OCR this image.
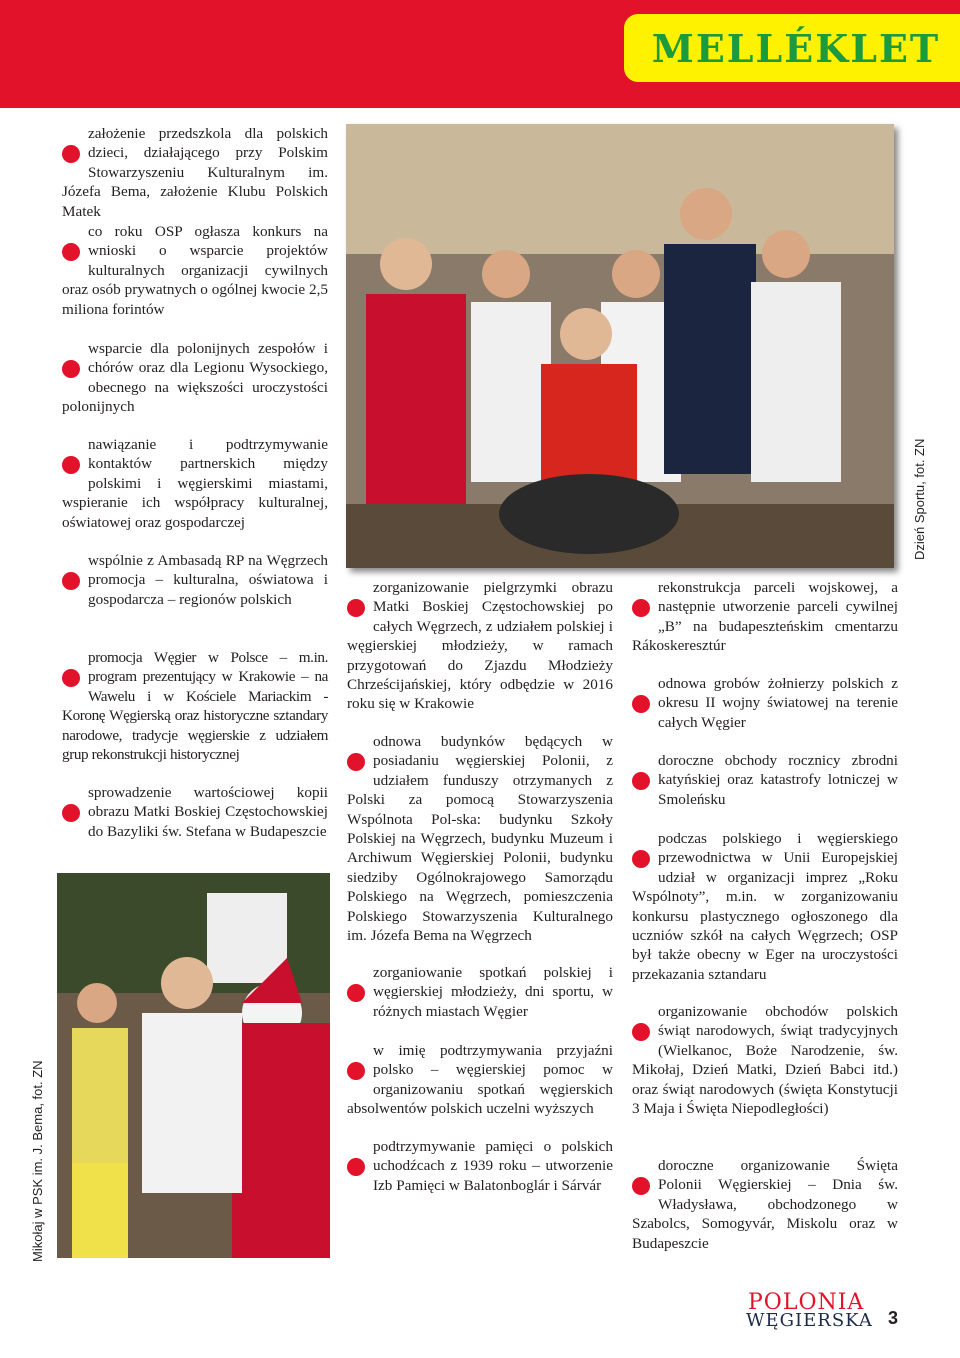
MELLÉKLET
założenie przedszkola dla polskich dzieci, działającego przy Polskim Stowarzyszeniu Kulturalnym im. Józefa Bema, założenie Klubu Polskich Matek
co roku OSP ogłasza konkurs na wnioski o wsparcie projektów kulturalnych organizacji cywilnych oraz osób prywatnych o ogólnej kwocie 2,5 miliona forintów
wsparcie dla polonijnych zespołów i chórów oraz dla Legionu Wysockiego, obecnego na większości uroczystości polonijnych
nawiązanie i podtrzymywanie kontaktów partnerskich między polskimi i węgierskimi miastami, wspieranie ich współpracy kulturalnej, oświatowej oraz gospodarczej
wspólnie z Ambasadą RP na Węgrzech promocja – kulturalna, oświatowa i gospodarcza – regionów polskich
promocja Węgier w Polsce – m.in. program prezentujący w Krakowie – na Wawelu i w Kościele Mariackim - Koronę Węgierską oraz historyczne sztandary narodowe, tradycje węgierskie z udziałem grup rekonstrukcji historycznej
sprowadzenie wartościowej kopii obrazu Matki Boskiej Częstochowskiej do Bazyliki św. Stefana w Budapeszcie
Dzień Sportu, fot. ZN
Mikołaj w PSK im. J. Bema, fot. ZN
zorganizowanie pielgrzymki obrazu Matki Boskiej Częstochowskiej po całych Węgrzech, z udziałem polskiej i węgierskiej młodzieży, w ramach przygotowań do Zjazdu Młodzieży Chrześcijańskiej, który odbędzie w 2016 roku się w Krakowie
odnowa budynków będących w posiadaniu węgierskiej Polonii, z udziałem funduszy otrzymanych z Polski za pomocą Stowarzyszenia Wspólnota Pol-ska: budynku Szkoły Polskiej na Węgrzech, budynku Muzeum i Archiwum Węgierskiej Polonii, budynku siedziby Ogólnokrajowego Samorządu Polskiego na Węgrzech, pomieszczenia Polskiego Stowarzyszenia Kulturalnego im. Józefa Bema na Węgrzech
zorganiowanie spotkań polskiej i węgierskiej młodzieży, dni sportu, w różnych miastach Węgier
w imię podtrzymywania przyjaźni polsko – węgierskiej pomoc w organizowaniu spotkań węgierskich absolwentów polskich uczelni wyższych
podtrzymywanie pamięci o polskich uchodźcach z 1939 roku – utworzenie Izb Pamięci w Balatonboglár i Sárvár
rekonstrukcja parceli wojskowej, a następnie utworzenie parceli cywilnej „B” na budapeszteńskim cmentarzu Rákoskeresztúr
odnowa grobów żołnierzy polskich z okresu II wojny światowej na terenie całych Węgier
doroczne obchody rocznicy zbrodni katyńskiej oraz katastrofy lotniczej w Smoleńsku
podczas polskiego i węgierskiego przewodnictwa w Unii Europejskiej udział w organizacji imprez „Roku Wspólnoty”, m.in. w zorganizowaniu konkursu plastycznego ogłoszonego dla uczniów szkół na całych Węgrzech; OSP był także obecny w Eger na uroczystości przekazania sztandaru
organizowanie obchodów polskich świąt narodowych, świąt tradycyjnych (Wielkanoc, Boże Narodzenie, św. Mikołaj, Dzień Matki, Dzień Babci itd.) oraz świąt narodowych (święta Konstytucji 3 Maja i Święta Niepodległości)
doroczne organizowanie Święta Polonii Węgierskiej – Dnia św. Władysława, obchodzonego w Szabolcs, Somogyvár, Miskolu oraz w Budapeszcie
POLONIA
WĘGIERSKA 3
